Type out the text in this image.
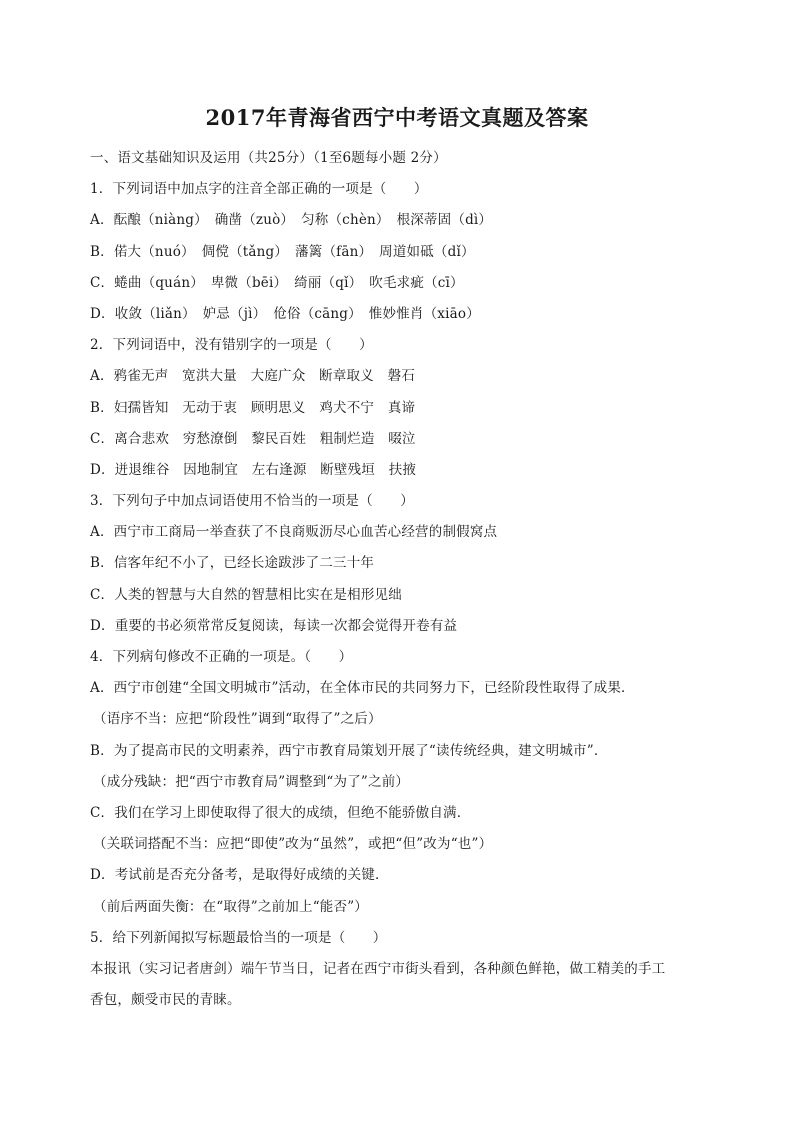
2017年青海省西宁中考语文真题及答案
一、语文基础知识及运用（共25分）（1至6题每小题 2分）
1．下列词语中加点字的注音全部正确的一项是（　　）
A．酝酿（niàng）　确凿（zuò）　匀称（chèn）　根深蒂固（dì）
B．偌大（nuó）　倜傥（tǎng）　藩篱（fān）　周道如砥（dǐ）
C．蜷曲（quán）　卑微（bēi）　绮丽（qǐ）　吹毛求疵（cī）
D．收敛（liǎn）　妒忌（jì）　伧俗（cāng）　惟妙惟肖（xiāo）
2．下列词语中，没有错别字的一项是（　　）
A．鸦雀无声　宽洪大量　大庭广众　断章取义　磐石
B．妇孺皆知　无动于衷　顾明思义　鸡犬不宁　真谛
C．离合悲欢　穷愁潦倒　黎民百姓　粗制烂造　啜泣
D．迸退维谷　因地制宜　左右逢源　断壁残垣　扶掖
3．下列句子中加点词语使用不恰当的一项是（　　）
A．西宁市工商局一举查获了不良商贩沥尽心血苦心经营的制假窝点
B．信客年纪不小了，已经长途跋涉了二三十年
C．人类的智慧与大自然的智慧相比实在是相形见绌
D．重要的书必须常常反复阅读，每读一次都会觉得开卷有益
4．下列病句修改不正确的一项是。（　　）
A．西宁市创建“全国文明城市”活动，在全体市民的共同努力下，已经阶段性取得了成果．
（语序不当：应把“阶段性”调到“取得了”之后）
B．为了提高市民的文明素养，西宁市教育局策划开展了“读传统经典，建文明城市”．
（成分残缺：把“西宁市教育局”调整到“为了”之前）
C．我们在学习上即使取得了很大的成绩，但绝不能骄傲自满．
（关联词搭配不当：应把“即使”改为“虽然”，或把“但”改为“也”）
D．考试前是否充分备考，是取得好成绩的关键．
（前后两面失衡：在“取得”之前加上“能否”）
5．给下列新闻拟写标题最恰当的一项是（　　）
本报讯（实习记者唐剑）端午节当日，记者在西宁市街头看到，各种颜色鲜艳，做工精美的手工
香包，颇受市民的青睐。
